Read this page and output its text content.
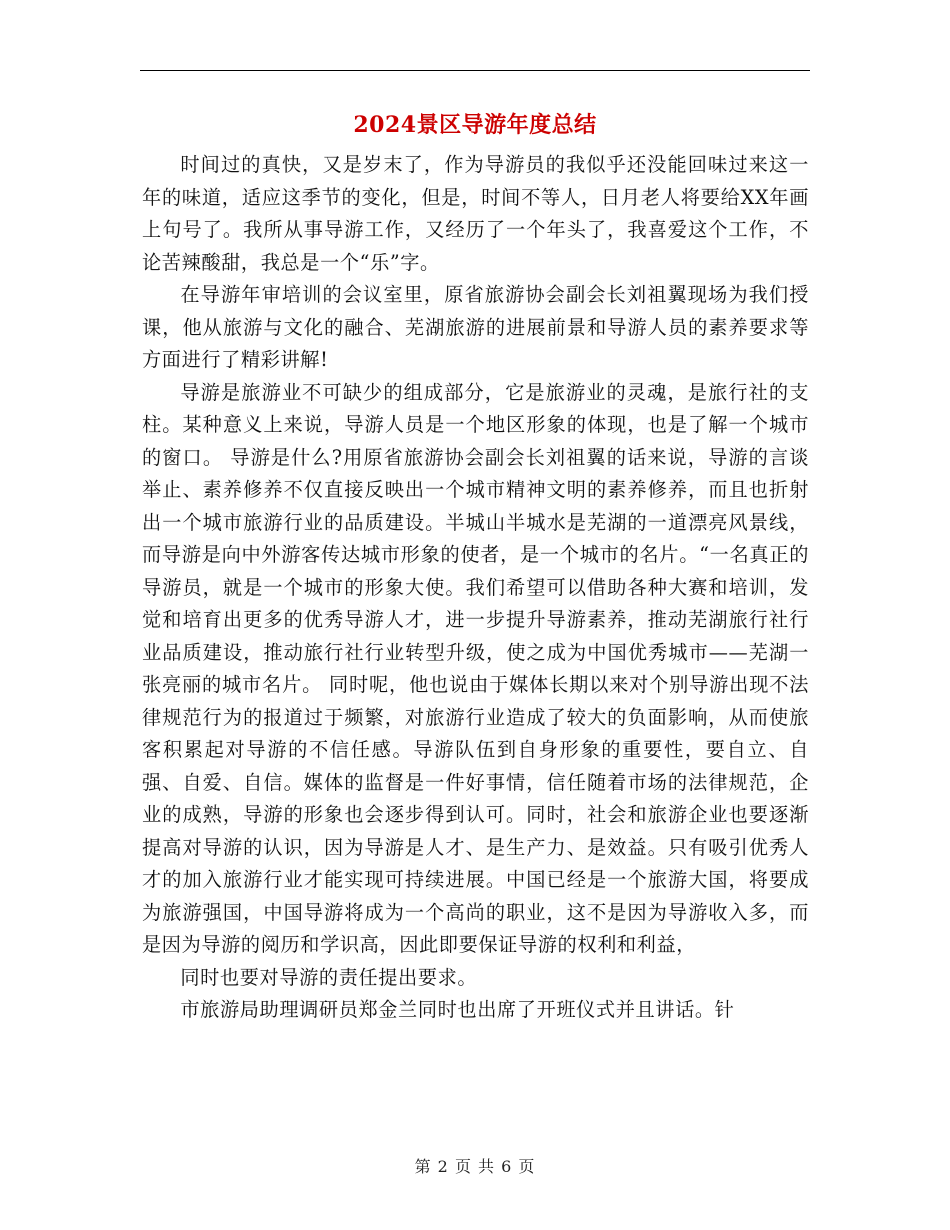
2024景区导游年度总结

时间过的真快，又是岁末了，作为导游员的我似乎还没能回味过来这一年的味道，适应这季节的变化，但是，时间不等人，日月老人将要给XX年画上句号了。我所从事导游工作，又经历了一个年头了，我喜爱这个工作，不论苦辣酸甜，我总是一个“乐”字。

在导游年审培训的会议室里，原省旅游协会副会长刘祖翼现场为我们授课，他从旅游与文化的融合、芜湖旅游的进展前景和导游人员的素养要求等方面进行了精彩讲解!

导游是旅游业不可缺少的组成部分，它是旅游业的灵魂，是旅行社的支柱。某种意义上来说，导游人员是一个地区形象的体现，也是了解一个城市的窗口。 导游是什么?用原省旅游协会副会长刘祖翼的话来说，导游的言谈举止、素养修养不仅直接反映出一个城市精神文明的素养修养，而且也折射出一个城市旅游行业的品质建设。半城山半城水是芜湖的一道漂亮风景线，而导游是向中外游客传达城市形象的使者，是一个城市的名片。“一名真正的导游员，就是一个城市的形象大使。我们希望可以借助各种大赛和培训，发觉和培育出更多的优秀导游人才，进一步提升导游素养，推动芜湖旅行社行业品质建设，推动旅行社行业转型升级，使之成为中国优秀城市——芜湖一张亮丽的城市名片。 同时呢，他也说由于媒体长期以来对个别导游出现不法律规范行为的报道过于频繁，对旅游行业造成了较大的负面影响，从而使旅客积累起对导游的不信任感。导游队伍到自身形象的重要性，要自立、自强、自爱、自信。媒体的监督是一件好事情，信任随着市场的法律规范，企业的成熟，导游的形象也会逐步得到认可。同时，社会和旅游企业也要逐渐提高对导游的认识，因为导游是人才、是生产力、是效益。只有吸引优秀人才的加入旅游行业才能实现可持续进展。中国已经是一个旅游大国，将要成为旅游强国，中国导游将成为一个高尚的职业，这不是因为导游收入多，而是因为导游的阅历和学识高，因此即要保证导游的权利和利益，

同时也要对导游的责任提出要求。

市旅游局助理调研员郑金兰同时也出席了开班仪式并且讲话。针

第 2 页 共 6 页
